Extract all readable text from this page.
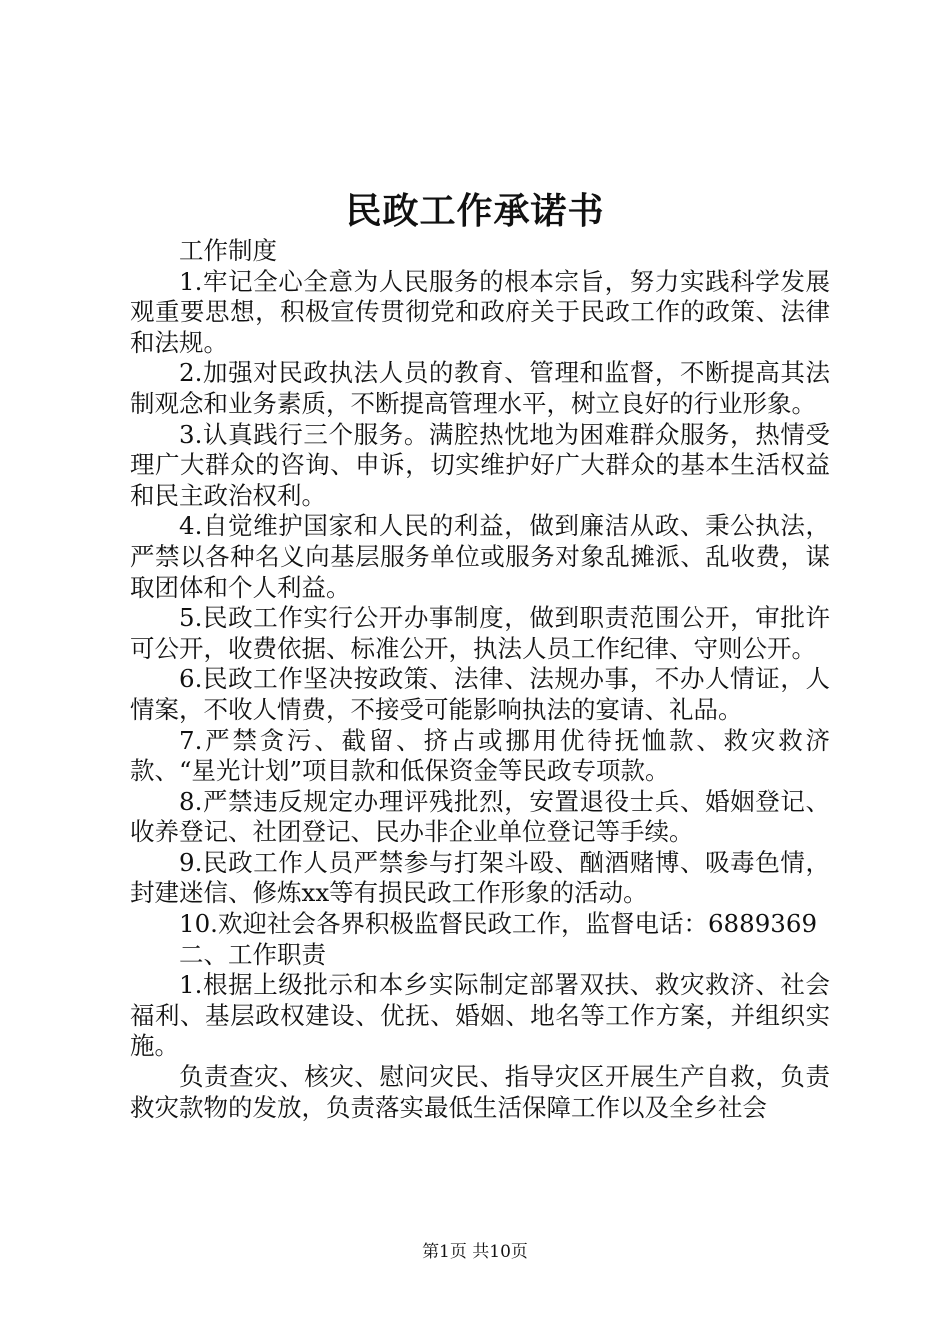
民政工作承诺书

工作制度

1.牢记全心全意为人民服务的根本宗旨，努力实践科学发展观重要思想，积极宣传贯彻党和政府关于民政工作的政策、法律和法规。

2.加强对民政执法人员的教育、管理和监督，不断提高其法制观念和业务素质，不断提高管理水平，树立良好的行业形象。

3.认真践行三个服务。满腔热忱地为困难群众服务，热情受理广大群众的咨询、申诉，切实维护好广大群众的基本生活权益和民主政治权利。

4.自觉维护国家和人民的利益，做到廉洁从政、秉公执法，严禁以各种名义向基层服务单位或服务对象乱摊派、乱收费，谋取团体和个人利益。

5.民政工作实行公开办事制度，做到职责范围公开，审批许可公开，收费依据、标准公开，执法人员工作纪律、守则公开。

6.民政工作坚决按政策、法律、法规办事，不办人情证，人情案，不收人情费，不接受可能影响执法的宴请、礼品。

7.严禁贪污、截留、挤占或挪用优待抚恤款、救灾救济款、“星光计划”项目款和低保资金等民政专项款。

8.严禁违反规定办理评残批烈，安置退役士兵、婚姻登记、收养登记、社团登记、民办非企业单位登记等手续。

9.民政工作人员严禁参与打架斗殴、酗酒赌博、吸毒色情，封建迷信、修炼xx等有损民政工作形象的活动。

10.欢迎社会各界积极监督民政工作，监督电话：6889369

二、工作职责

1.根据上级批示和本乡实际制定部署双扶、救灾救济、社会福利、基层政权建设、优抚、婚姻、地名等工作方案，并组织实施。

负责查灾、核灾、慰问灾民、指导灾区开展生产自救，负责救灾款物的发放，负责落实最低生活保障工作以及全乡社会

第1页 共10页
